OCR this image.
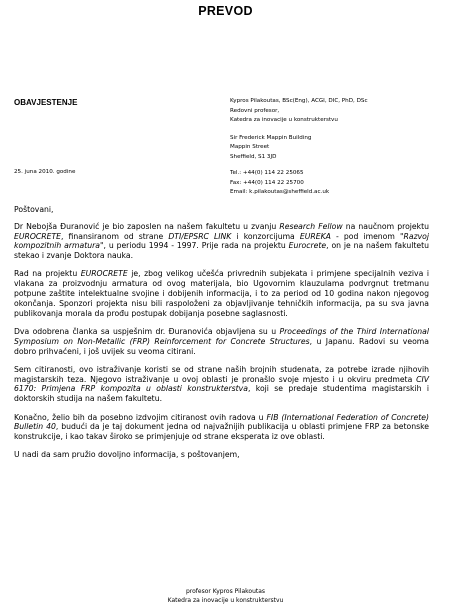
PREVOD
OBAVJESTENJE	Kypros Pilakoutas, BSc(Eng), ACGI, DIC, PhD, DSc
Redovni profesor,
Katedra za inovacije u konstrukterstvu
Sir Frederick Mappin Building
Mappin Street
Sheffield, S1 3JD
25. juna 2010. godine	Tel.: +44(0) 114 22 25065
Fax: +44(0) 114 22 25700
Email: k.pilakoutas@sheffield.ac.uk

Poštovani,

Dr Nebojša Đuranović je bio zaposlen na našem fakultetu u zvanju Research Fellow na naučnom projektu EUROCRETE, finansiranom od strane DTI/EPSRC LINK i konzorcijuma EUREKA - pod imenom "Razvoj kompozitnih armatura", u periodu 1994 - 1997. Prije rada na projektu Eurocrete, on je na našem fakultetu stekao i zvanje Doktora nauka.

Rad na projektu EUROCRETE je, zbog velikog učešća privrednih subjekata i primjene specijalnih veziva i vlakana za proizvodnju armatura od ovog materijala, bio Ugovornim klauzulama podvrgnut tretmanu potpune zaštite intelektualne svojine i dobijenih informacija, i to za period od 10 godina nakon njegovog okončanja. Sponzori projekta nisu bili raspoloženi za objavljivanje tehničkih informacija, pa su sva javna publikovanja morala da prođu postupak dobijanja posebne saglasnosti.

Dva odobrena članka sa uspješnim dr. Đuranovića objavljena su u Proceedings of the Third International Symposium on Non-Metallic (FRP) Reinforcement for Concrete Structures, u Japanu. Radovi su veoma dobro prihvaćeni, i još uvijek su veoma citirani.

Sem citiranosti, ovo istraživanje koristi se od strane naših brojnih studenata, za potrebe izrade njihovih magistarskih teza. Njegovo istraživanje u ovoj oblasti je pronašlo svoje mjesto i u okviru predmeta CIV 6170: Primjena FRP kompozita u oblasti konstrukterstva, koji se predaje studentima magistarskih i doktorskih studija na našem fakultetu.

Konačno, želio bih da posebno izdvojim citiranost ovih radova u FIB (International Federation of Concrete) Bulletin 40, budući da je taj dokument jedna od najvažnijih publikacija u oblasti primjene FRP za betonske konstrukcije, i kao takav široko se primjenjuje od strane eksperata iz ove oblasti.

U nadi da sam pružio dovoljno informacija, s poštovanjem,

profesor Kypros Pilakoutas
Katedra za inovacije u konstrukterstvu
